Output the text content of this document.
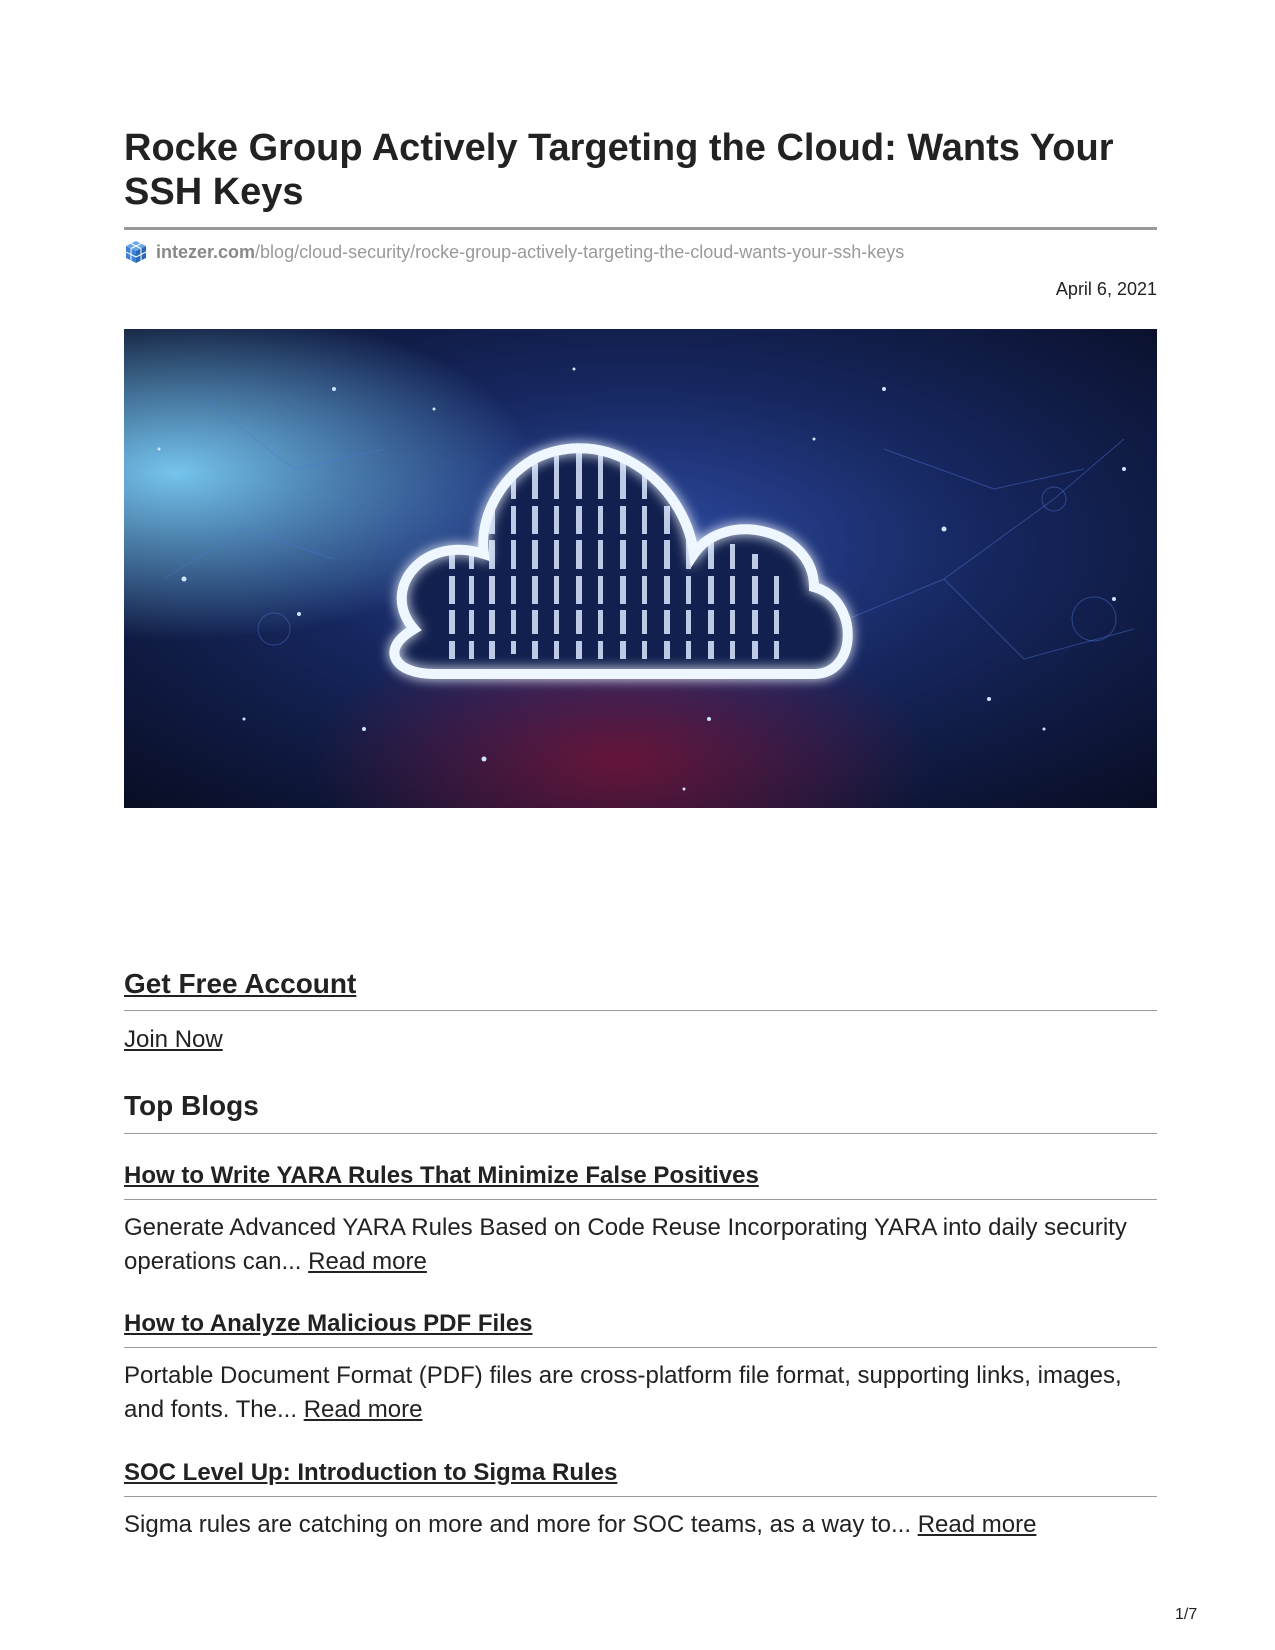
Rocke Group Actively Targeting the Cloud: Wants Your SSH Keys
intezer.com /blog/cloud-security/rocke-group-actively-targeting-the-cloud-wants-your-ssh-keys
April 6, 2021
Get Free Account
Join Now
Top Blogs
How to Write YARA Rules That Minimize False Positives
Generate Advanced YARA Rules Based on Code Reuse Incorporating YARA into daily security operations can... Read more
How to Analyze Malicious PDF Files
Portable Document Format (PDF) files are cross-platform file format, supporting links, images, and fonts. The... Read more
SOC Level Up: Introduction to Sigma Rules
Sigma rules are catching on more and more for SOC teams, as a way to... Read more
1/7
